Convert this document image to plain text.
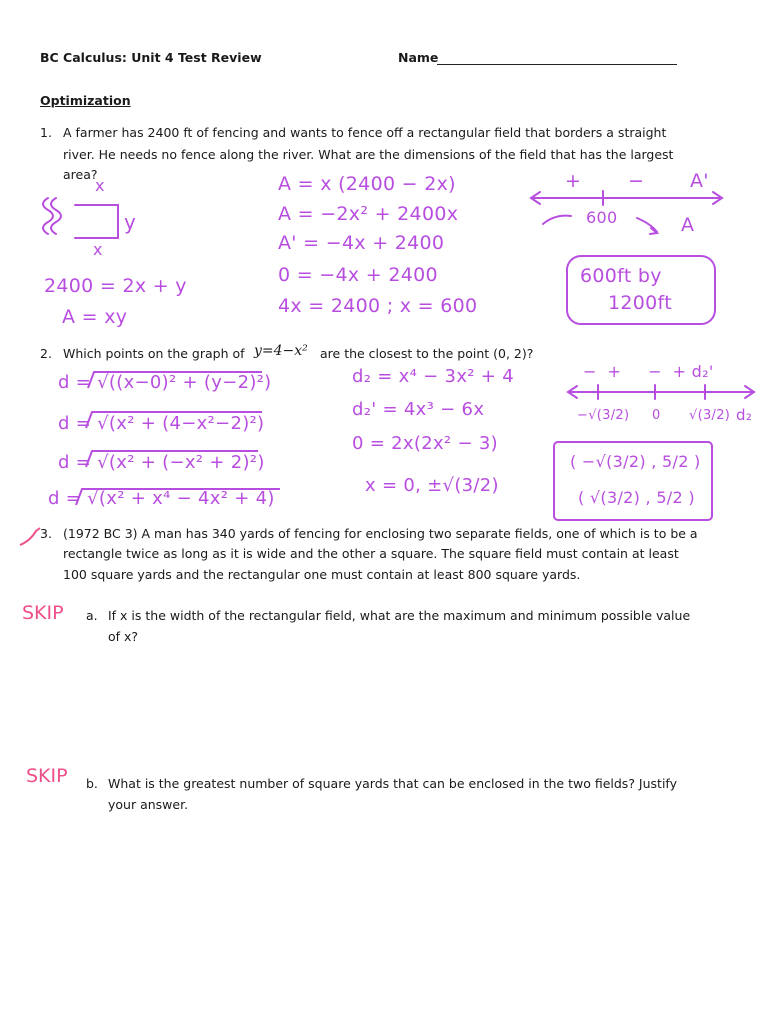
BC Calculus: Unit 4 Test Review	Name
Optimization
1. A farmer has 2400 ft of fencing and wants to fence off a rectangular field that borders a straight
river. He needs no fence along the river. What are the dimensions of the field that has the largest
area?
2. Which points on the graph of y=4−x² are the closest to the point (0, 2)?
3. (1972 BC 3) A man has 340 yards of fencing for enclosing two separate fields, one of which is to be a
rectangle twice as long as it is wide and the other a square. The square field must contain at least
100 square yards and the rectangular one must contain at least 800 square yards.
a. If x is the width of the rectangular field, what are the maximum and minimum possible value
of x?
b. What is the greatest number of square yards that can be enclosed in the two fields? Justify
your answer.
x
y
x
2400 = 2x + y
A = xy
A = x (2400 − 2x)
A = −2x² + 2400x
A' = −4x + 2400
0 = −4x + 2400
4x = 2400 ; x = 600
+ − A'
600	A
600ft by
1200ft
d = √((x−0)² + (y−2)²)
d = √(x² + (4−x²−2)²)
d = √(x² + (−x² + 2)²)
d = √(x² + x⁴ − 4x² + 4)
d₂ = x⁴ − 3x² + 4
d₂' = 4x³ − 6x
0 = 2x(2x² − 3)
x = 0, ±√(3/2)
−  +     −  + d₂'
−√(3/2) 0 √(3/2) d₂
( −√(3/2) , 5/2 )
( √(3/2) , 5/2 )
SKIP
SKIP
